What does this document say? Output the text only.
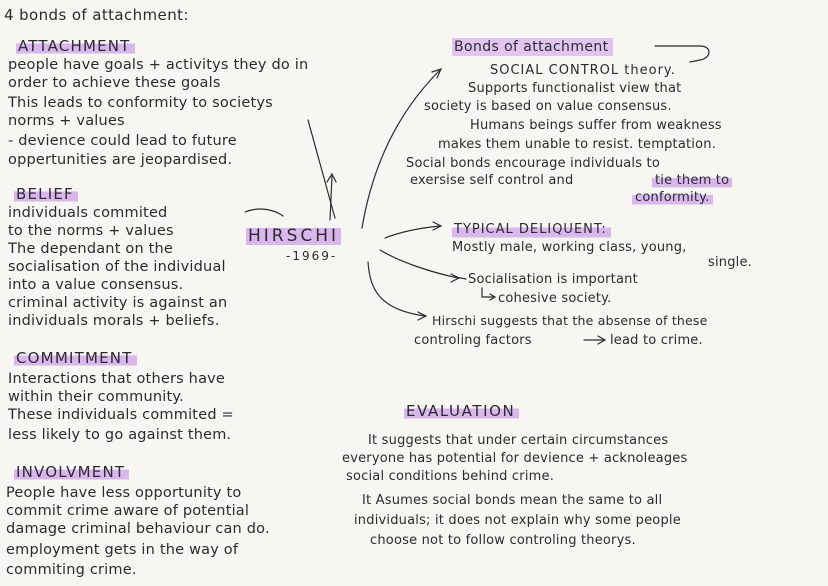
4 bonds of attachment:
ATTACHMENT
people have goals + activitys they do in
order to achieve these goals
This leads to conformity to societys
norms + values
- devience could lead to future
oppertunities are jeopardised.
BELIEF
individuals commited
to the norms + values
The dependant on the
socialisation of the individual
into a value consensus.
criminal activity is against an
individuals morals + beliefs.
COMMITMENT
Interactions that others have
within their community.
These individuals commited =
less likely to go against them.
INVOLVMENT
People have less opportunity to
commit crime aware of potential
damage criminal behaviour can do.
employment gets in the way of
commiting crime.
HIRSCHI
-1969-
Bonds of attachment
SOCIAL CONTROL theory.
Supports functionalist view that
society is based on value consensus.
Humans beings suffer from weakness
makes them unable to resist. temptation.
Social bonds encourage individuals to
exersise self control and	tie them to
conformity.
TYPICAL DELIQUENT:
Mostly male, working class, young,
single.
Socialisation is important
cohesive society.
Hirschi suggests that the absense of these
controling factors	lead to crime.
EVALUATION
It suggests that under certain circumstances
everyone has potential for devience + acknoleages
social conditions behind crime.
It Asumes social bonds mean the same to all
individuals; it does not explain why some people
choose not to follow controling theorys.
